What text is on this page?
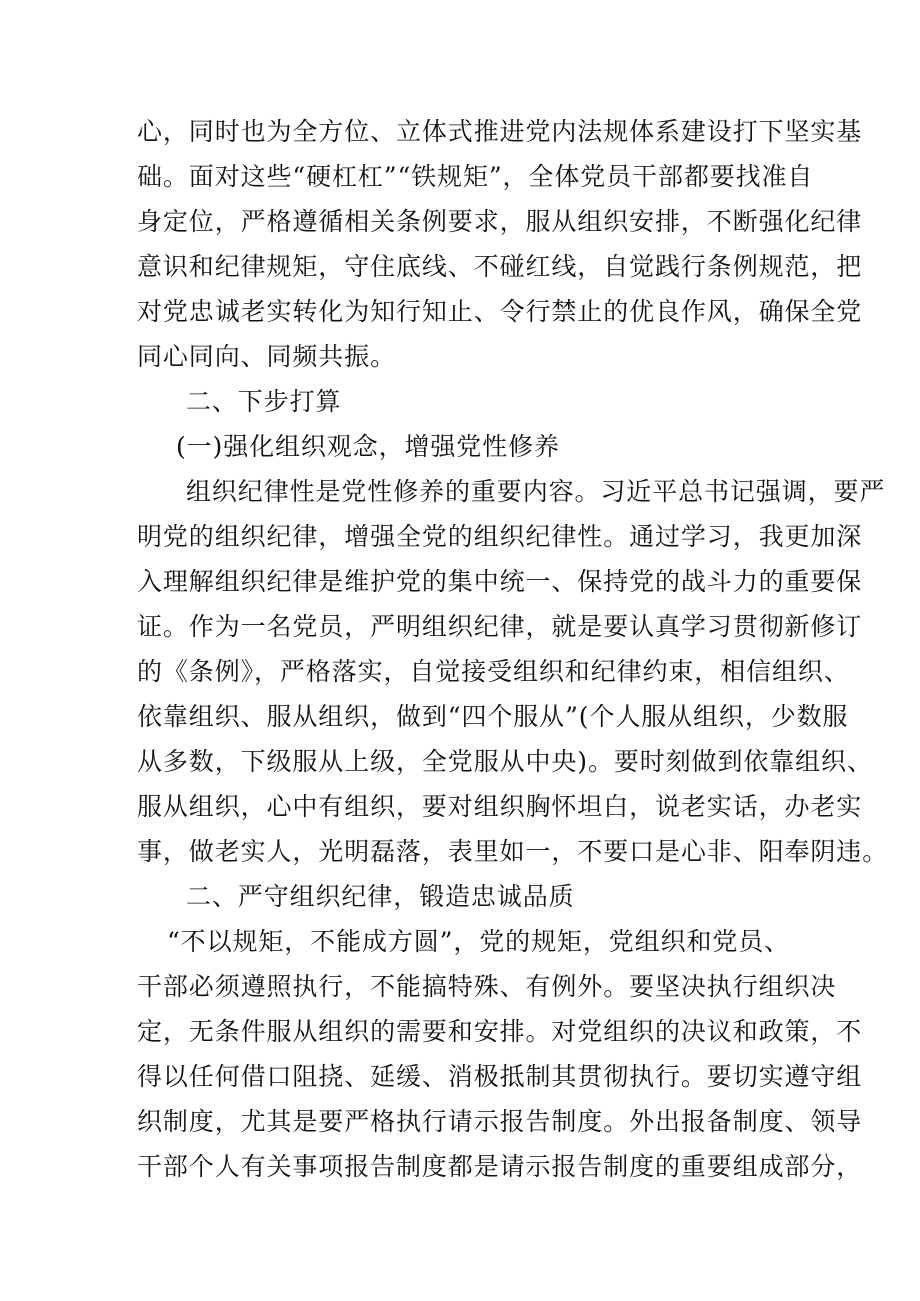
心，同时也为全方位、立体式推进党内法规体系建设打下坚实基
础。面对这些“硬杠杠”“铁规矩”，全体党员干部都要找准自
身定位，严格遵循相关条例要求，服从组织安排，不断强化纪律
意识和纪律规矩，守住底线、不碰红线，自觉践行条例规范，把
对党忠诚老实转化为知行知止、令行禁止的优良作风，确保全党
同心同向、同频共振。
二、下步打算
(一)强化组织观念，增强党性修养
组织纪律性是党性修养的重要内容。习近平总书记强调，要严
明党的组织纪律，增强全党的组织纪律性。通过学习，我更加深
入理解组织纪律是维护党的集中统一、保持党的战斗力的重要保
证。作为一名党员，严明组织纪律，就是要认真学习贯彻新修订
的《条例》，严格落实，自觉接受组织和纪律约束，相信组织、
依靠组织、服从组织，做到“四个服从”(个人服从组织，少数服
从多数，下级服从上级，全党服从中央)。要时刻做到依靠组织、
服从组织，心中有组织，要对组织胸怀坦白，说老实话，办老实
事，做老实人，光明磊落，表里如一，不要口是心非、阳奉阴违。
二、严守组织纪律，锻造忠诚品质
“不以规矩，不能成方圆”，党的规矩，党组织和党员、
干部必须遵照执行，不能搞特殊、有例外。要坚决执行组织决
定，无条件服从组织的需要和安排。对党组织的决议和政策，不
得以任何借口阻挠、延缓、消极抵制其贯彻执行。要切实遵守组
织制度，尤其是要严格执行请示报告制度。外出报备制度、领导
干部个人有关事项报告制度都是请示报告制度的重要组成部分，
